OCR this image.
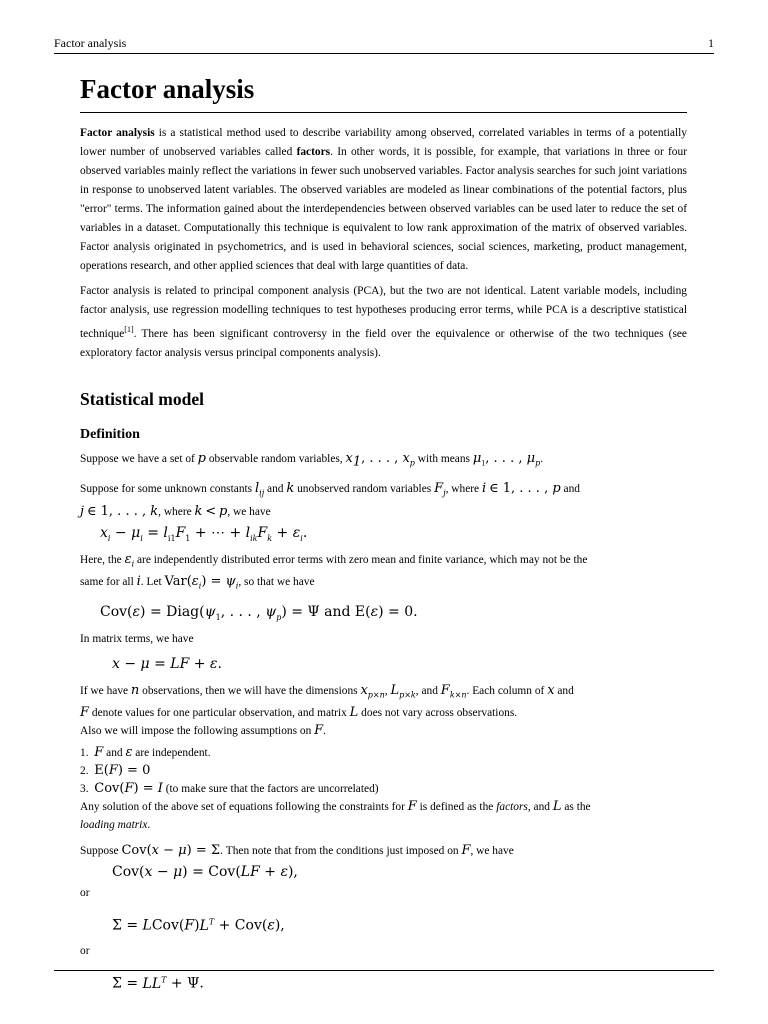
Factor analysis	1
Factor analysis

Factor analysis is a statistical method used to describe variability among observed, correlated variables in terms of a potentially lower number of unobserved variables called factors. In other words, it is possible, for example, that variations in three or four observed variables mainly reflect the variations in fewer such unobserved variables. Factor analysis searches for such joint variations in response to unobserved latent variables. The observed variables are modeled as linear combinations of the potential factors, plus "error" terms. The information gained about the interdependencies between observed variables can be used later to reduce the set of variables in a dataset. Computationally this technique is equivalent to low rank approximation of the matrix of observed variables. Factor analysis originated in psychometrics, and is used in behavioral sciences, social sciences, marketing, product management, operations research, and other applied sciences that deal with large quantities of data.

Factor analysis is related to principal component analysis (PCA), but the two are not identical. Latent variable models, including factor analysis, use regression modelling techniques to test hypotheses producing error terms, while PCA is a descriptive statistical technique[1]. There has been significant controversy in the field over the equivalence or otherwise of the two techniques (see exploratory factor analysis versus principal components analysis).

Statistical model
Definition
Suppose we have a set of p observable random variables, $x_1$, . . . , $x_p$ with means $\mu_1$, . . . , $\mu_p$.
Suppose for some unknown constants $l_{ij}$ and k unobserved random variables $F_j$, where i ∈ 1, . . . , p and
j ∈ 1, . . . , k, where k < p, we have
$x_i - \mu_i = l_{i1}F_1$ + ⋯ + $l_{ik}F_k + \varepsilon_i$.
Here, the $\varepsilon_i$ are independently distributed error terms with zero mean and finite variance, which may not be the
same for all i. Let $Var(\varepsilon_i) = \psi_i$, so that we have
$Cov(\varepsilon) = Diag(\psi_1$, . . . , $\psi_p) = \Psi$ and E(ε) = 0.
In matrix terms, we have
x − μ = LF + ε.
If we have n observations, then we will have the dimensions $x_{p\times n}$, $L_{p\times k}$, and $F_{k\times n}$. Each column of x and
F denote values for one particular observation, and matrix L does not vary across observations.
Also we will impose the following assumptions on F.
1. F and ε are independent.
2. E(F) = 0
3. Cov(F) = I (to make sure that the factors are uncorrelated)
Any solution of the above set of equations following the constraints for F is defined as the factors, and L as the
loading matrix.
Suppose Cov(x − μ) = Σ. Then note that from the conditions just imposed on F, we have
Cov(x − μ) = Cov(LF + ε),
or
$\Sigma = LCov(F)L^T + Cov(\varepsilon)$,
or
$\Sigma = LL^T + \Psi$.
